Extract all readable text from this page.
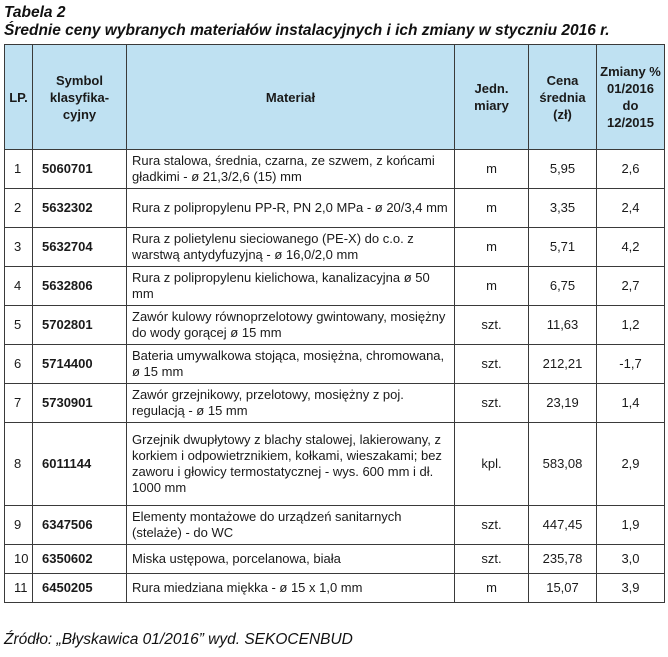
Tabela 2
Średnie ceny wybranych materiałów instalacyjnych i ich zmiany w styczniu 2016 r.
LP.	Symbol klasyfika-cyjny	Materiał	Jedn. miary	Cena średnia (zł)	Zmiany % 01/2016 do 12/2015
1	5060701	Rura stalowa, średnia, czarna, ze szwem, z końcami gładkimi - ø 21,3/2,6 (15) mm	m	5,95	2,6
2	5632302	Rura z polipropylenu PP-R, PN 2,0 MPa - ø 20/3,4 mm	m	3,35	2,4
3	5632704	Rura z polietylenu sieciowanego (PE-X) do c.o. z warstwą antydyfuzyjną - ø 16,0/2,0 mm	m	5,71	4,2
4	5632806	Rura z polipropylenu kielichowa, kanalizacyjna ø 50 mm	m	6,75	2,7
5	5702801	Zawór kulowy równoprzelotowy gwintowany, mosiężny do wody gorącej ø 15 mm	szt.	11,63	1,2
6	5714400	Bateria umywalkowa stojąca, mosiężna, chromowana, ø 15 mm	szt.	212,21	-1,7
7	5730901	Zawór grzejnikowy, przelotowy, mosiężny z poj. regulacją - ø 15 mm	szt.	23,19	1,4
8	6011144	Grzejnik dwupłytowy z blachy stalowej, lakierowany, z korkiem i odpowietrznikiem, kołkami, wieszakami; bez zaworu i głowicy termostatycznej - wys. 600 mm i dł. 1000 mm	kpl.	583,08	2,9
9	6347506	Elementy montażowe do urządzeń sanitarnych (stelaże) - do WC	szt.	447,45	1,9
10	6350602	Miska ustępowa, porcelanowa, biała	szt.	235,78	3,0
11	6450205	Rura miedziana miękka - ø 15 x 1,0 mm	m	15,07	3,9
Źródło: „Błyskawica 01/2016” wyd. SEKOCENBUD
